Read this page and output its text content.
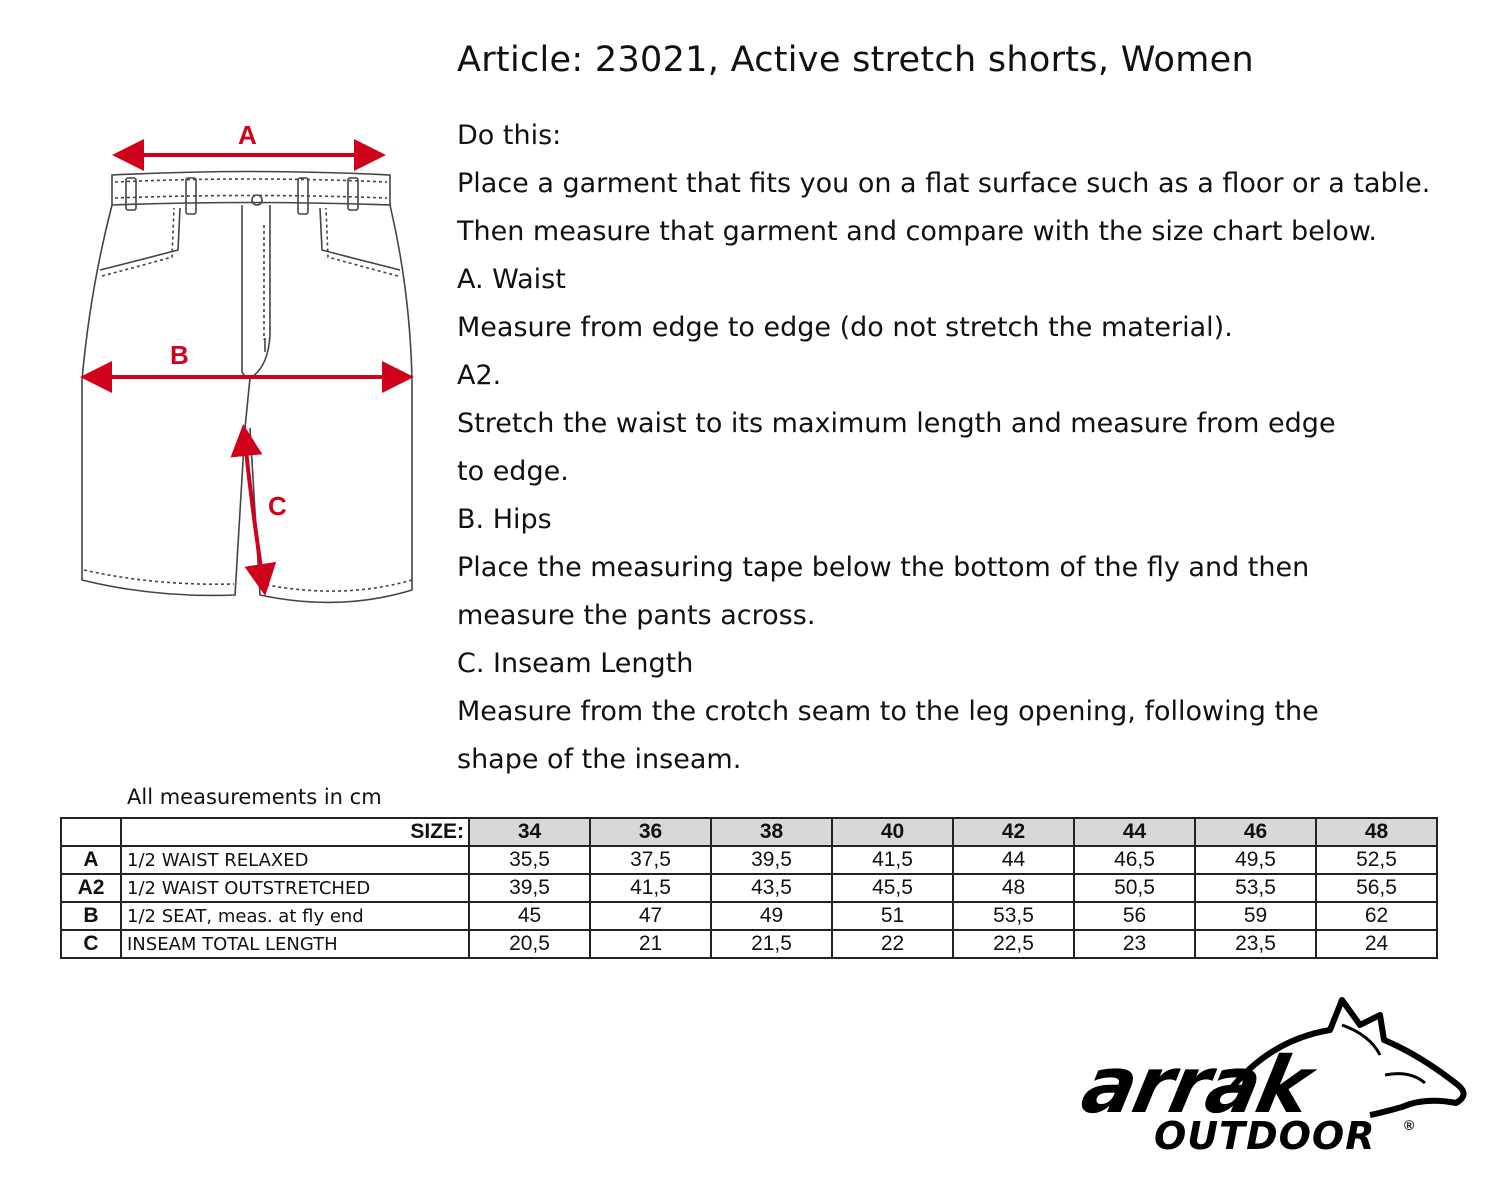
Article: 23021, Active stretch shorts, Women
A
B
C
Do this:
Place a garment that fits you on a flat surface such as a floor or a table.
Then measure that garment and compare with the size chart below.
A. Waist
Measure from edge to edge (do not stretch the material).
A2.
Stretch the waist to its maximum length and measure from edge
to edge.
B. Hips
Place the measuring tape below the bottom of the fly and then
measure the pants across.
C. Inseam Length
Measure from the crotch seam to the leg opening, following the
shape of the inseam.
All measurements in cm
	SIZE:	34	36	38	40	42	44	46	48
A	1/2 WAIST RELAXED	35,5	37,5	39,5	41,5	44	46,5	49,5	52,5
A2	1/2 WAIST OUTSTRETCHED	39,5	41,5	43,5	45,5	48	50,5	53,5	56,5
B	1/2 SEAT, meas. at fly end	45	47	49	51	53,5	56	59	62
C	INSEAM TOTAL LENGTH	20,5	21	21,5	22	22,5	23	23,5	24
arrak
OUTDOOR ®
